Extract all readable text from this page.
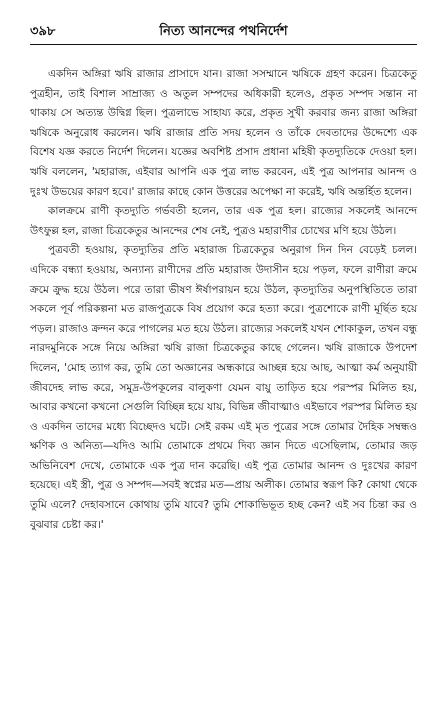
৩৯৮	নিত্য আনন্দের পথনির্দেশ

একদিন অঙ্গিরা ঋষি রাজার প্রাসাদে যান। রাজা সসম্মানে ঋষিকে গ্রহণ করেন। চিত্রকেতু পুত্রহীন, তাই বিশাল সাম্রাজ্য ও অতুল সম্পদের অধিকারী হলেও, প্রকৃত সম্পদ সন্তান না থাকায় সে অত্যন্ত উদ্বিগ্ন ছিল। পুত্রলাভে সাহায্য করে, প্রকৃত সুখী করবার জন্য রাজা অঙ্গিরা ঋষিকে অনুরোধ করলেন। ঋষি রাজার প্রতি সদয় হলেন ও তাঁকে দেবতাদের উদ্দেশ্যে এক বিশেষ যজ্ঞ করতে নির্দেশ দিলেন। যজ্ঞের অবশিষ্ট প্রসাদ প্রধানা মহিষী কৃতদ্যুতিকে দেওয়া হল। ঋষি বললেন, 'মহারাজ, এইবার আপনি এক পুত্র লাভ করবেন, এই পুত্র আপনার আনন্দ ও দুঃখ উভয়ের কারণ হবে।' রাজার কাছে কোন উত্তরের অপেক্ষা না করেই, ঋষি অন্তর্হিত হলেন।

কালক্রমে রাণী কৃতদ্যুতি গর্ভবতী হলেন, তার এক পুত্র হল। রাজ্যের সকলেই আনন্দে উৎফুল্ল হল, রাজা চিত্রকেতুর আনন্দের শেষ নেই, পুত্রও মহারাণীর চোখের মণি হয়ে উঠল।

পুত্রবতী হওয়ায়, কৃতদ্যুতির প্রতি মহারাজ চিত্রকেতুর অনুরাগ দিন দিন বেড়েই চলল। এদিকে বন্ধ্যা হওয়ায়, অন্যান্য রাণীদের প্রতি মহারাজ উদাসীন হয়ে পড়ল, ফলে রাণীরা ক্রমে ক্রমে ক্রুদ্ধ হয়ে উঠল। পরে তারা ভীষণ ঈর্ষাপরায়ন হয়ে উঠল, কৃতদ্যুতির অনুপস্থিতিতে তারা সকলে পূর্ব পরিকল্পনা মত রাজপুত্রকে বিষ প্রয়োগ করে হত্যা করে। পুত্রশোকে রাণী মূর্ছিত হয়ে পড়ল। রাজাও ক্রন্দন করে পাগলের মত হয়ে উঠল। রাজ্যের সকলেই যখন শোকাকুল, তখন বন্ধু নারদমুনিকে সঙ্গে নিয়ে অঙ্গিরা ঋষি রাজা চিত্রকেতুর কাছে গেলেন। ঋষি রাজাকে উপদেশ দিলেন, 'মোহ ত্যাগ কর, তুমি তো অজ্ঞানের অন্ধকারে আচ্ছন্ন হয়ে আছ, আত্মা কর্ম অনুযায়ী জীবদেহ লাভ করে, সমুদ্র-উপকূলের বালুকণা যেমন বায়ু তাড়িত হয়ে পরস্পর মিলিত হয়, আবার কখনো কখনো সেগুলি বিচ্ছিন্ন হয়ে যায়, বিভিন্ন জীবাত্মাও এইভাবে পরস্পর মিলিত হয় ও একদিন তাদের মধ্যে বিচ্ছেদও ঘটে। সেই রকম এই মৃত পুত্রের সঙ্গে তোমার দৈহিক সম্বন্ধও ক্ষণিক ও অনিত্য—যদিও আমি তোমাকে প্রথমে দিব্য জ্ঞান দিতে এসেছিলাম, তোমার জড় অভিনিবেশ দেখে, তোমাকে এক পুত্র দান করেছি। এই পুত্র তোমার আনন্দ ও দুঃখের কারণ হয়েছে। এই স্ত্রী, পুত্র ও সম্পদ—সবই স্বপ্নের মত—প্রায় অলীক। তোমার স্বরূপ কি? কোথা থেকে তুমি এলে? দেহাবসানে কোথায় তুমি যাবে? তুমি শোকাভিভূত হচ্ছ কেন? এই সব চিন্তা কর ও বুঝবার চেষ্টা কর।'
